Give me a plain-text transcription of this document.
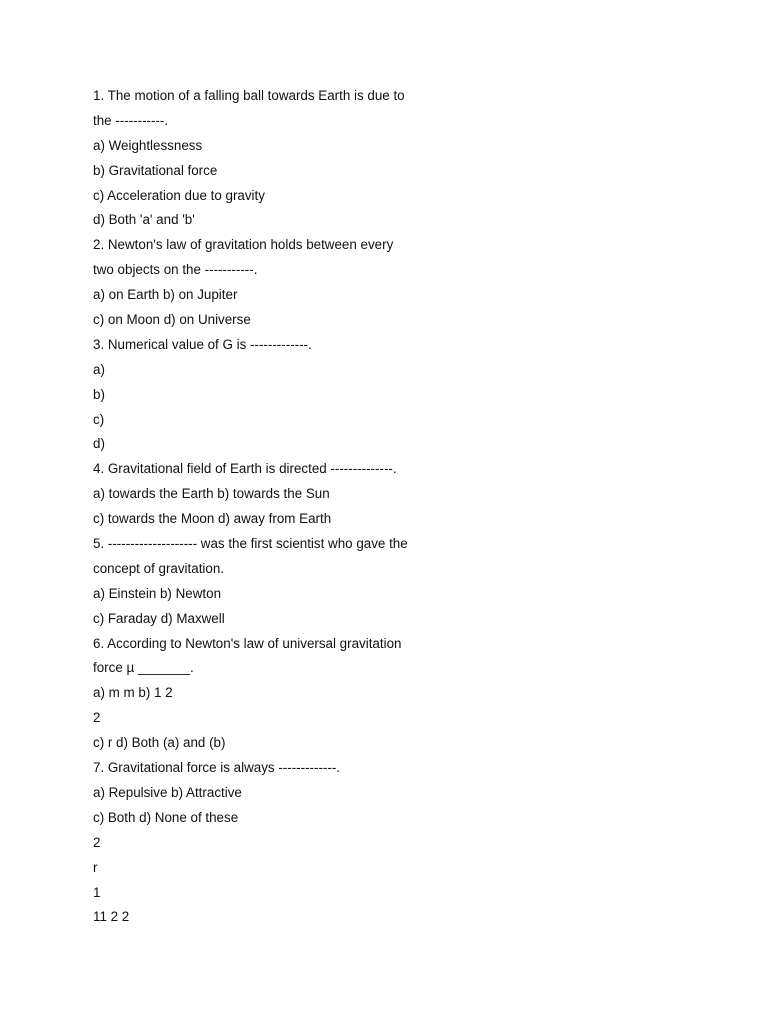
1. The motion of a falling ball towards Earth is due to
the -----------.
a) Weightlessness
b) Gravitational force
c) Acceleration due to gravity
d) Both 'a' and 'b'
2. Newton's law of gravitation holds between every
two objects on the -----------.
a) on Earth b) on Jupiter
c) on Moon d) on Universe
3. Numerical value of G is -------------.
a)
b)
c)
d)
4. Gravitational field of Earth is directed --------------.
a) towards the Earth b) towards the Sun
c) towards the Moon d) away from Earth
5. -------------------- was the first scientist who gave the
concept of gravitation.
a) Einstein b) Newton
c) Faraday d) Maxwell
6. According to Newton's law of universal gravitation
force µ _______.
a) m m b) 1 2
2
c) r d) Both (a) and (b)
7. Gravitational force is always -------------.
a) Repulsive b) Attractive
c) Both d) None of these
2
r
1
11 2 2
